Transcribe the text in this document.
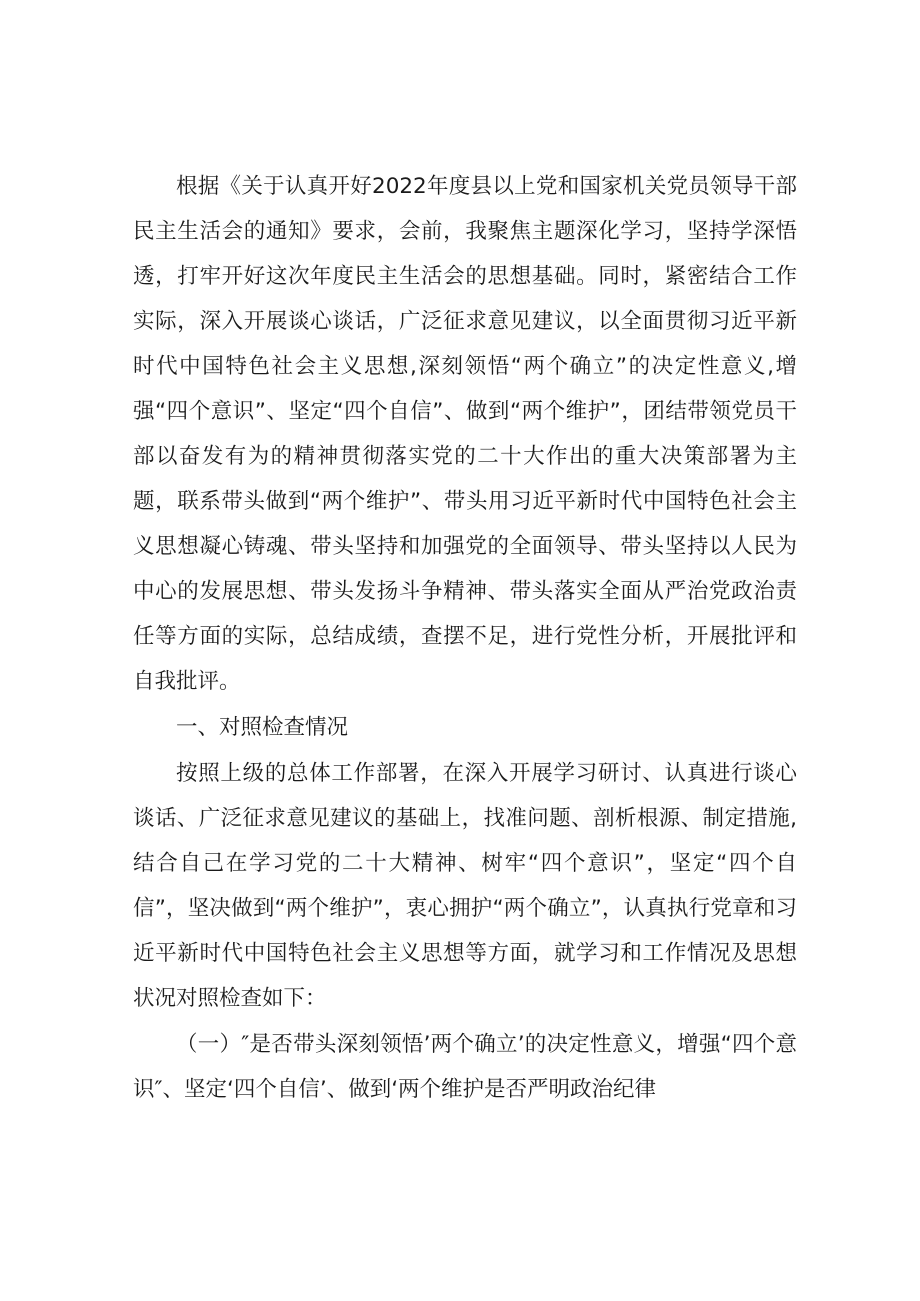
根据《关于认真开好2022年度县以上党和国家机关党员领导干部民主生活会的通知》要求，会前，我聚焦主题深化学习，坚持学深悟透，打牢开好这次年度民主生活会的思想基础。同时，紧密结合工作实际，深入开展谈心谈话，广泛征求意见建议，以全面贯彻习近平新时代中国特色社会主义思想,深刻领悟“两个确立”的决定性意义,增强“四个意识”、坚定“四个自信”、做到“两个维护”，团结带领党员干部以奋发有为的精神贯彻落实党的二十大作出的重大决策部署为主题，联系带头做到“两个维护”、带头用习近平新时代中国特色社会主义思想凝心铸魂、带头坚持和加强党的全面领导、带头坚持以人民为中心的发展思想、带头发扬斗争精神、带头落实全面从严治党政治责任等方面的实际，总结成绩，查摆不足，进行党性分析，开展批评和自我批评。

一、对照检查情况

按照上级的总体工作部署，在深入开展学习研讨、认真进行谈心谈话、广泛征求意见建议的基础上，找准问题、剖析根源、制定措施,结合自己在学习党的二十大精神、树牢“四个意识”，坚定“四个自信”，坚决做到“两个维护”，衷心拥护“两个确立”，认真执行党章和习近平新时代中国特色社会主义思想等方面，就学习和工作情况及思想状况对照检查如下：

（一）″是否带头深刻领悟’两个确立’的决定性意义，增强“四个意识″、坚定‘四个自信’、做到‘两个维护是否严明政治纪律
